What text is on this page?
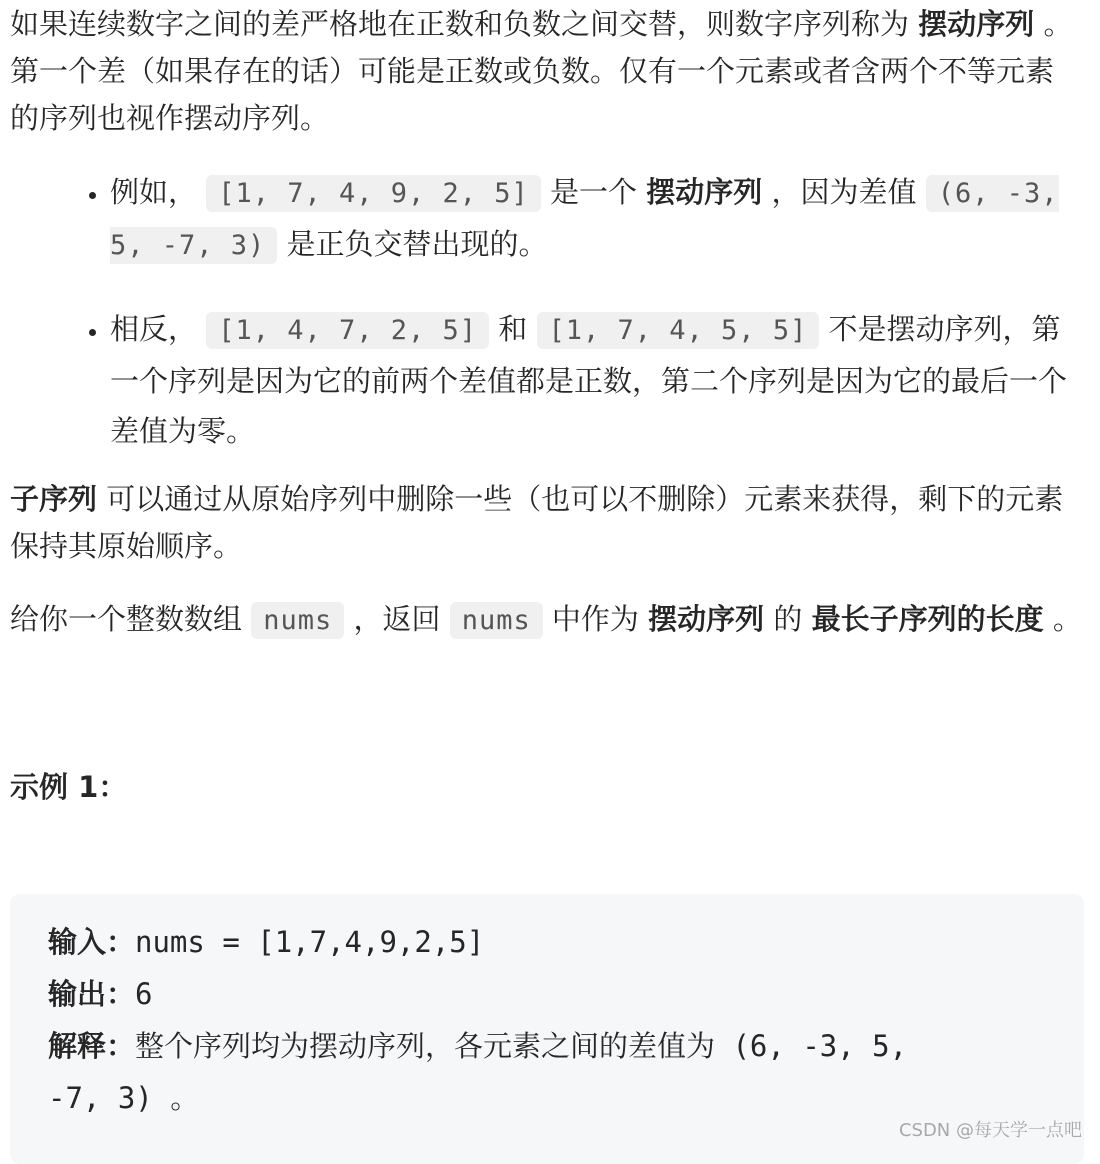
如果连续数字之间的差严格地在正数和负数之间交替，则数字序列称为 摆动序列 。第一个差（如果存在的话）可能是正数或负数。仅有一个元素或者含两个不等元素的序列也视作摆动序列。

• 例如， [1, 7, 4, 9, 2, 5] 是一个 摆动序列 ，因为差值 (6, -3, 5, -7, 3) 是正负交替出现的。
• 相反， [1, 4, 7, 2, 5] 和 [1, 7, 4, 5, 5] 不是摆动序列，第一个序列是因为它的前两个差值都是正数，第二个序列是因为它的最后一个差值为零。

子序列 可以通过从原始序列中删除一些（也可以不删除）元素来获得，剩下的元素保持其原始顺序。

给你一个整数数组 nums ，返回 nums 中作为 摆动序列 的 最长子序列的长度 。

示例 1：
输入：nums = [1,7,4,9,2,5]
输出：6
解释：整个序列均为摆动序列，各元素之间的差值为 (6, -3, 5,
-7, 3) 。
CSDN @每天学一点吧
